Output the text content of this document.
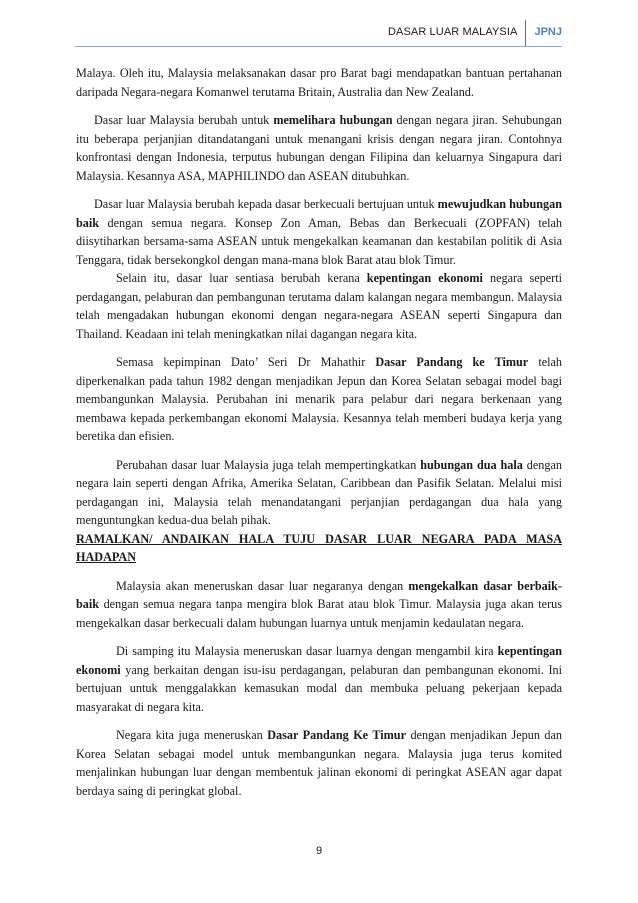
DASAR LUAR MALAYSIA	JPNJ

Malaya. Oleh itu, Malaysia melaksanakan dasar pro Barat bagi mendapatkan bantuan pertahanan daripada Negara-negara Komanwel terutama Britain, Australia dan New Zealand.

Dasar luar Malaysia berubah untuk memelihara hubungan dengan negara jiran. Sehubungan itu beberapa perjanjian ditandatangani untuk menangani krisis dengan negara jiran. Contohnya konfrontasi dengan Indonesia, terputus hubungan dengan Filipina dan keluarnya Singapura dari Malaysia. Kesannya ASA, MAPHILINDO dan ASEAN ditubuhkan.

Dasar luar Malaysia berubah kepada dasar berkecuali bertujuan untuk mewujudkan hubungan baik dengan semua negara. Konsep Zon Aman, Bebas dan Berkecuali (ZOPFAN) telah diisytiharkan bersama-sama ASEAN untuk mengekalkan keamanan dan kestabilan politik di Asia Tenggara, tidak bersekongkol dengan mana-mana blok Barat atau blok Timur.

Selain itu, dasar luar sentiasa berubah kerana kepentingan ekonomi negara seperti perdagangan, pelaburan dan pembangunan terutama dalam kalangan negara membangun. Malaysia telah mengadakan hubungan ekonomi dengan negara-negara ASEAN seperti Singapura dan Thailand. Keadaan ini telah meningkatkan nilai dagangan negara kita.

Semasa kepimpinan Dato’ Seri Dr Mahathir Dasar Pandang ke Timur telah diperkenalkan pada tahun 1982 dengan menjadikan Jepun dan Korea Selatan sebagai model bagi membangunkan Malaysia. Perubahan ini menarik para pelabur dari negara berkenaan yang membawa kepada perkembangan ekonomi Malaysia. Kesannya telah memberi budaya kerja yang beretika dan efisien.

Perubahan dasar luar Malaysia juga telah mempertingkatkan hubungan dua hala dengan negara lain seperti dengan Afrika, Amerika Selatan, Caribbean dan Pasifik Selatan. Melalui misi perdagangan ini, Malaysia telah menandatangani perjanjian perdagangan dua hala yang menguntungkan kedua-dua belah pihak.

RAMALKAN/ ANDAIKAN HALA TUJU DASAR LUAR NEGARA PADA MASA HADAPAN

Malaysia akan meneruskan dasar luar negaranya dengan mengekalkan dasar berbaik-baik dengan semua negara tanpa mengira blok Barat atau blok Timur. Malaysia juga akan terus mengekalkan dasar berkecuali dalam hubungan luarnya untuk menjamin kedaulatan negara.

Di samping itu Malaysia meneruskan dasar luarnya dengan mengambil kira kepentingan ekonomi yang berkaitan dengan isu-isu perdagangan, pelaburan dan pembangunan ekonomi. Ini bertujuan untuk menggalakkan kemasukan modal dan membuka peluang pekerjaan kepada masyarakat di negara kita.

Negara kita juga meneruskan Dasar Pandang Ke Timur dengan menjadikan Jepun dan Korea Selatan sebagai model untuk membangunkan negara. Malaysia juga terus komited menjalinkan hubungan luar dengan membentuk jalinan ekonomi di peringkat ASEAN agar dapat berdaya saing di peringkat global.

9
